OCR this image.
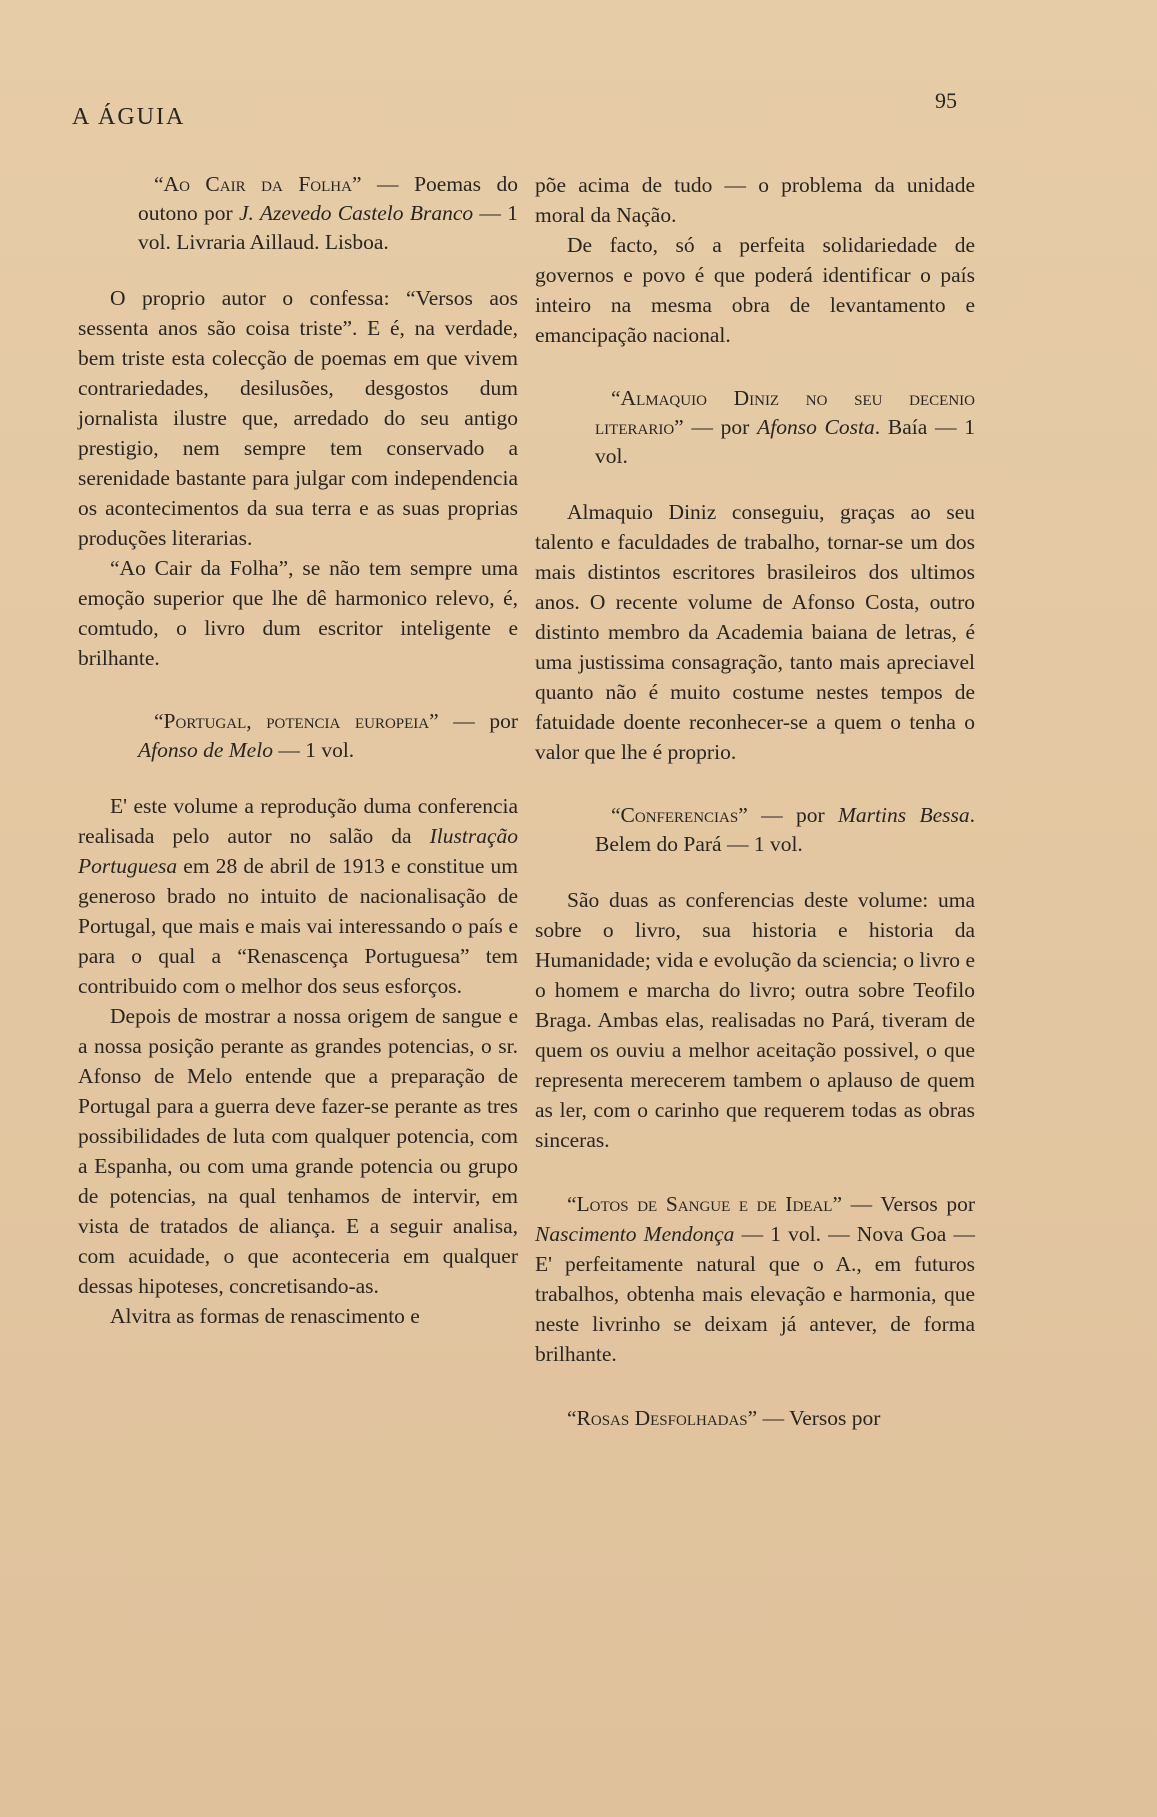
A ÁGUIA
95
“Ao Cair da Folha” — Poemas do outono por J. Azevedo Castelo Branco — 1 vol. Livraria Aillaud. Lisboa.

O proprio autor o confessa: “Versos aos sessenta anos são coisa triste”. E é, na verdade, bem triste esta colecção de poemas em que vivem contrariedades, desilusões, desgostos dum jornalista ilustre que, arredado do seu antigo prestigio, nem sempre tem conservado a serenidade bastante para julgar com independencia os acontecimentos da sua terra e as suas proprias produções literarias.

“Ao Cair da Folha”, se não tem sempre uma emoção superior que lhe dê harmonico relevo, é, comtudo, o livro dum escritor inteligente e brilhante.

“Portugal, potencia europeia” — por Afonso de Melo — 1 vol.

E' este volume a reprodução duma conferencia realisada pelo autor no salão da Ilustração Portuguesa em 28 de abril de 1913 e constitue um generoso brado no intuito de nacionalisação de Portugal, que mais e mais vai interessando o país e para o qual a “Renascença Portuguesa” tem contribuido com o melhor dos seus esforços.

Depois de mostrar a nossa origem de sangue e a nossa posição perante as grandes potencias, o sr. Afonso de Melo entende que a preparação de Portugal para a guerra deve fazer-se perante as tres possibilidades de luta com qualquer potencia, com a Espanha, ou com uma grande potencia ou grupo de potencias, na qual tenhamos de intervir, em vista de tratados de aliança. E a seguir analisa, com acuidade, o que aconteceria em qualquer dessas hipoteses, concretisando-as.

Alvitra as formas de renascimento e

põe acima de tudo — o problema da unidade moral da Nação.

De facto, só a perfeita solidariedade de governos e povo é que poderá identificar o país inteiro na mesma obra de levantamento e emancipação nacional.

“Almaquio Diniz no seu decenio literario” — por Afonso Costa. Baía — 1 vol.

Almaquio Diniz conseguiu, graças ao seu talento e faculdades de trabalho, tornar-se um dos mais distintos escritores brasileiros dos ultimos anos. O recente volume de Afonso Costa, outro distinto membro da Academia baiana de letras, é uma justissima consagração, tanto mais apreciavel quanto não é muito costume nestes tempos de fatuidade doente reconhecer-se a quem o tenha o valor que lhe é proprio.

“Conferencias” — por Martins Bessa. Belem do Pará — 1 vol.

São duas as conferencias deste volume: uma sobre o livro, sua historia e historia da Humanidade; vida e evolução da sciencia; o livro e o homem e marcha do livro; outra sobre Teofilo Braga. Ambas elas, realisadas no Pará, tiveram de quem os ouviu a melhor aceitação possivel, o que representa merecerem tambem o aplauso de quem as ler, com o carinho que requerem todas as obras sinceras.

“Lotos de Sangue e de Ideal” — Versos por Nascimento Mendonça — 1 vol. — Nova Goa — E' perfeitamente natural que o A., em futuros trabalhos, obtenha mais elevação e harmonia, que neste livrinho se deixam já antever, de forma brilhante.

“Rosas Desfolhadas” — Versos por
